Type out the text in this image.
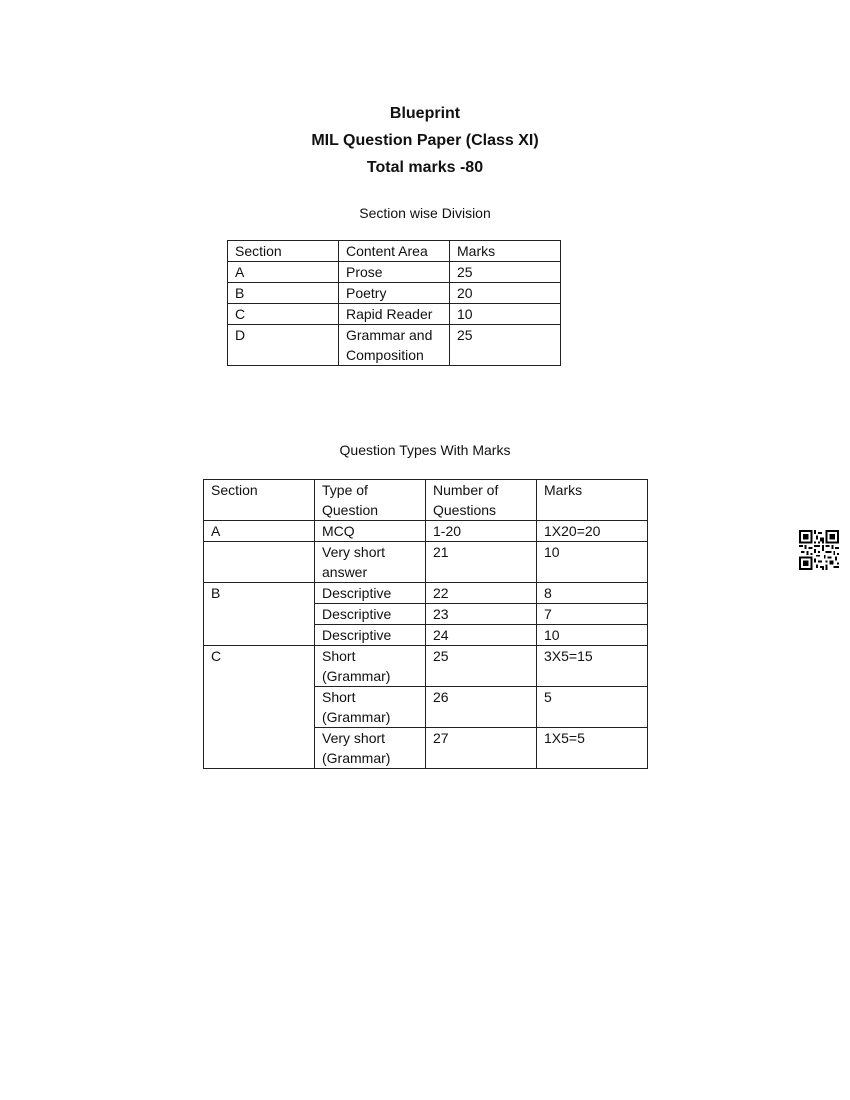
Blueprint

MIL Question Paper (Class XI)

Total marks -80

Section wise Division

Section	Content Area	Marks
A	Prose	25
B	Poetry	20
C	Rapid Reader	10
D	Grammar and Composition	25

Question Types With Marks

Section	Type of Question	Number of Questions	Marks
A	MCQ	1-20	1X20=20
	Very short answer	21	10
B	Descriptive	22	8
	Descriptive	23	7
	Descriptive	24	10
C	Short (Grammar)	25	3X5=15
	Short (Grammar)	26	5
	Very short (Grammar)	27	1X5=5
